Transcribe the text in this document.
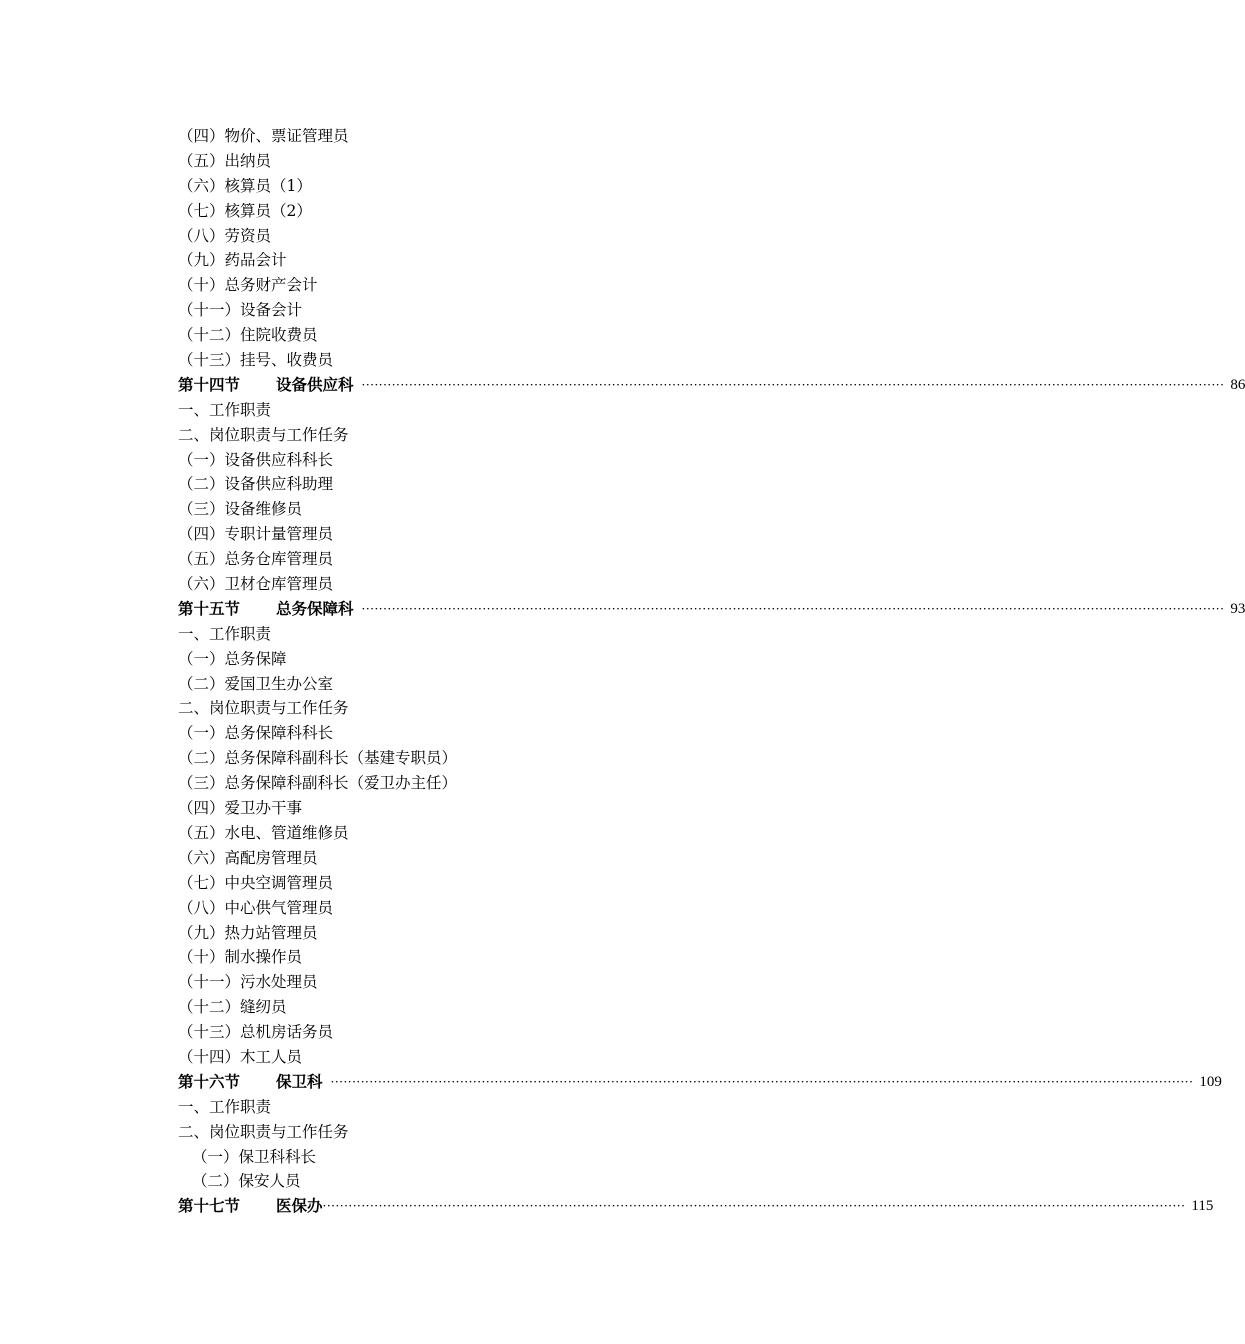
（四）物价、票证管理员
（五）出纳员
（六）核算员（1）
（七）核算员（2）
（八）劳资员
（九）药品会计
（十）总务财产会计
（十一）设备会计
（十二）住院收费员
（十三）挂号、收费员
第十四节 设备供应科 ········································································································································································································ 86
一、工作职责
二、岗位职责与工作任务
（一）设备供应科科长
（二）设备供应科助理
（三）设备维修员
（四）专职计量管理员
（五）总务仓库管理员
（六）卫材仓库管理员
第十五节 总务保障科 ········································································································································································································ 93
一、工作职责
（一）总务保障
（二）爱国卫生办公室
二、岗位职责与工作任务
（一）总务保障科科长
（二）总务保障科副科长（基建专职员）
（三）总务保障科副科长（爱卫办主任）
（四）爱卫办干事
（五）水电、管道维修员
（六）高配房管理员
（七）中央空调管理员
（八）中心供气管理员
（九）热力站管理员
（十）制水操作员
（十一）污水处理员
（十二）缝纫员
（十三）总机房话务员
（十四）木工人员
第十六节 保卫科 ········································································································································································································ 109
一、工作职责
二、岗位职责与工作任务
（一）保卫科科长
（二）保安人员
第十七节 医保办 ········································································································································································································ 115
